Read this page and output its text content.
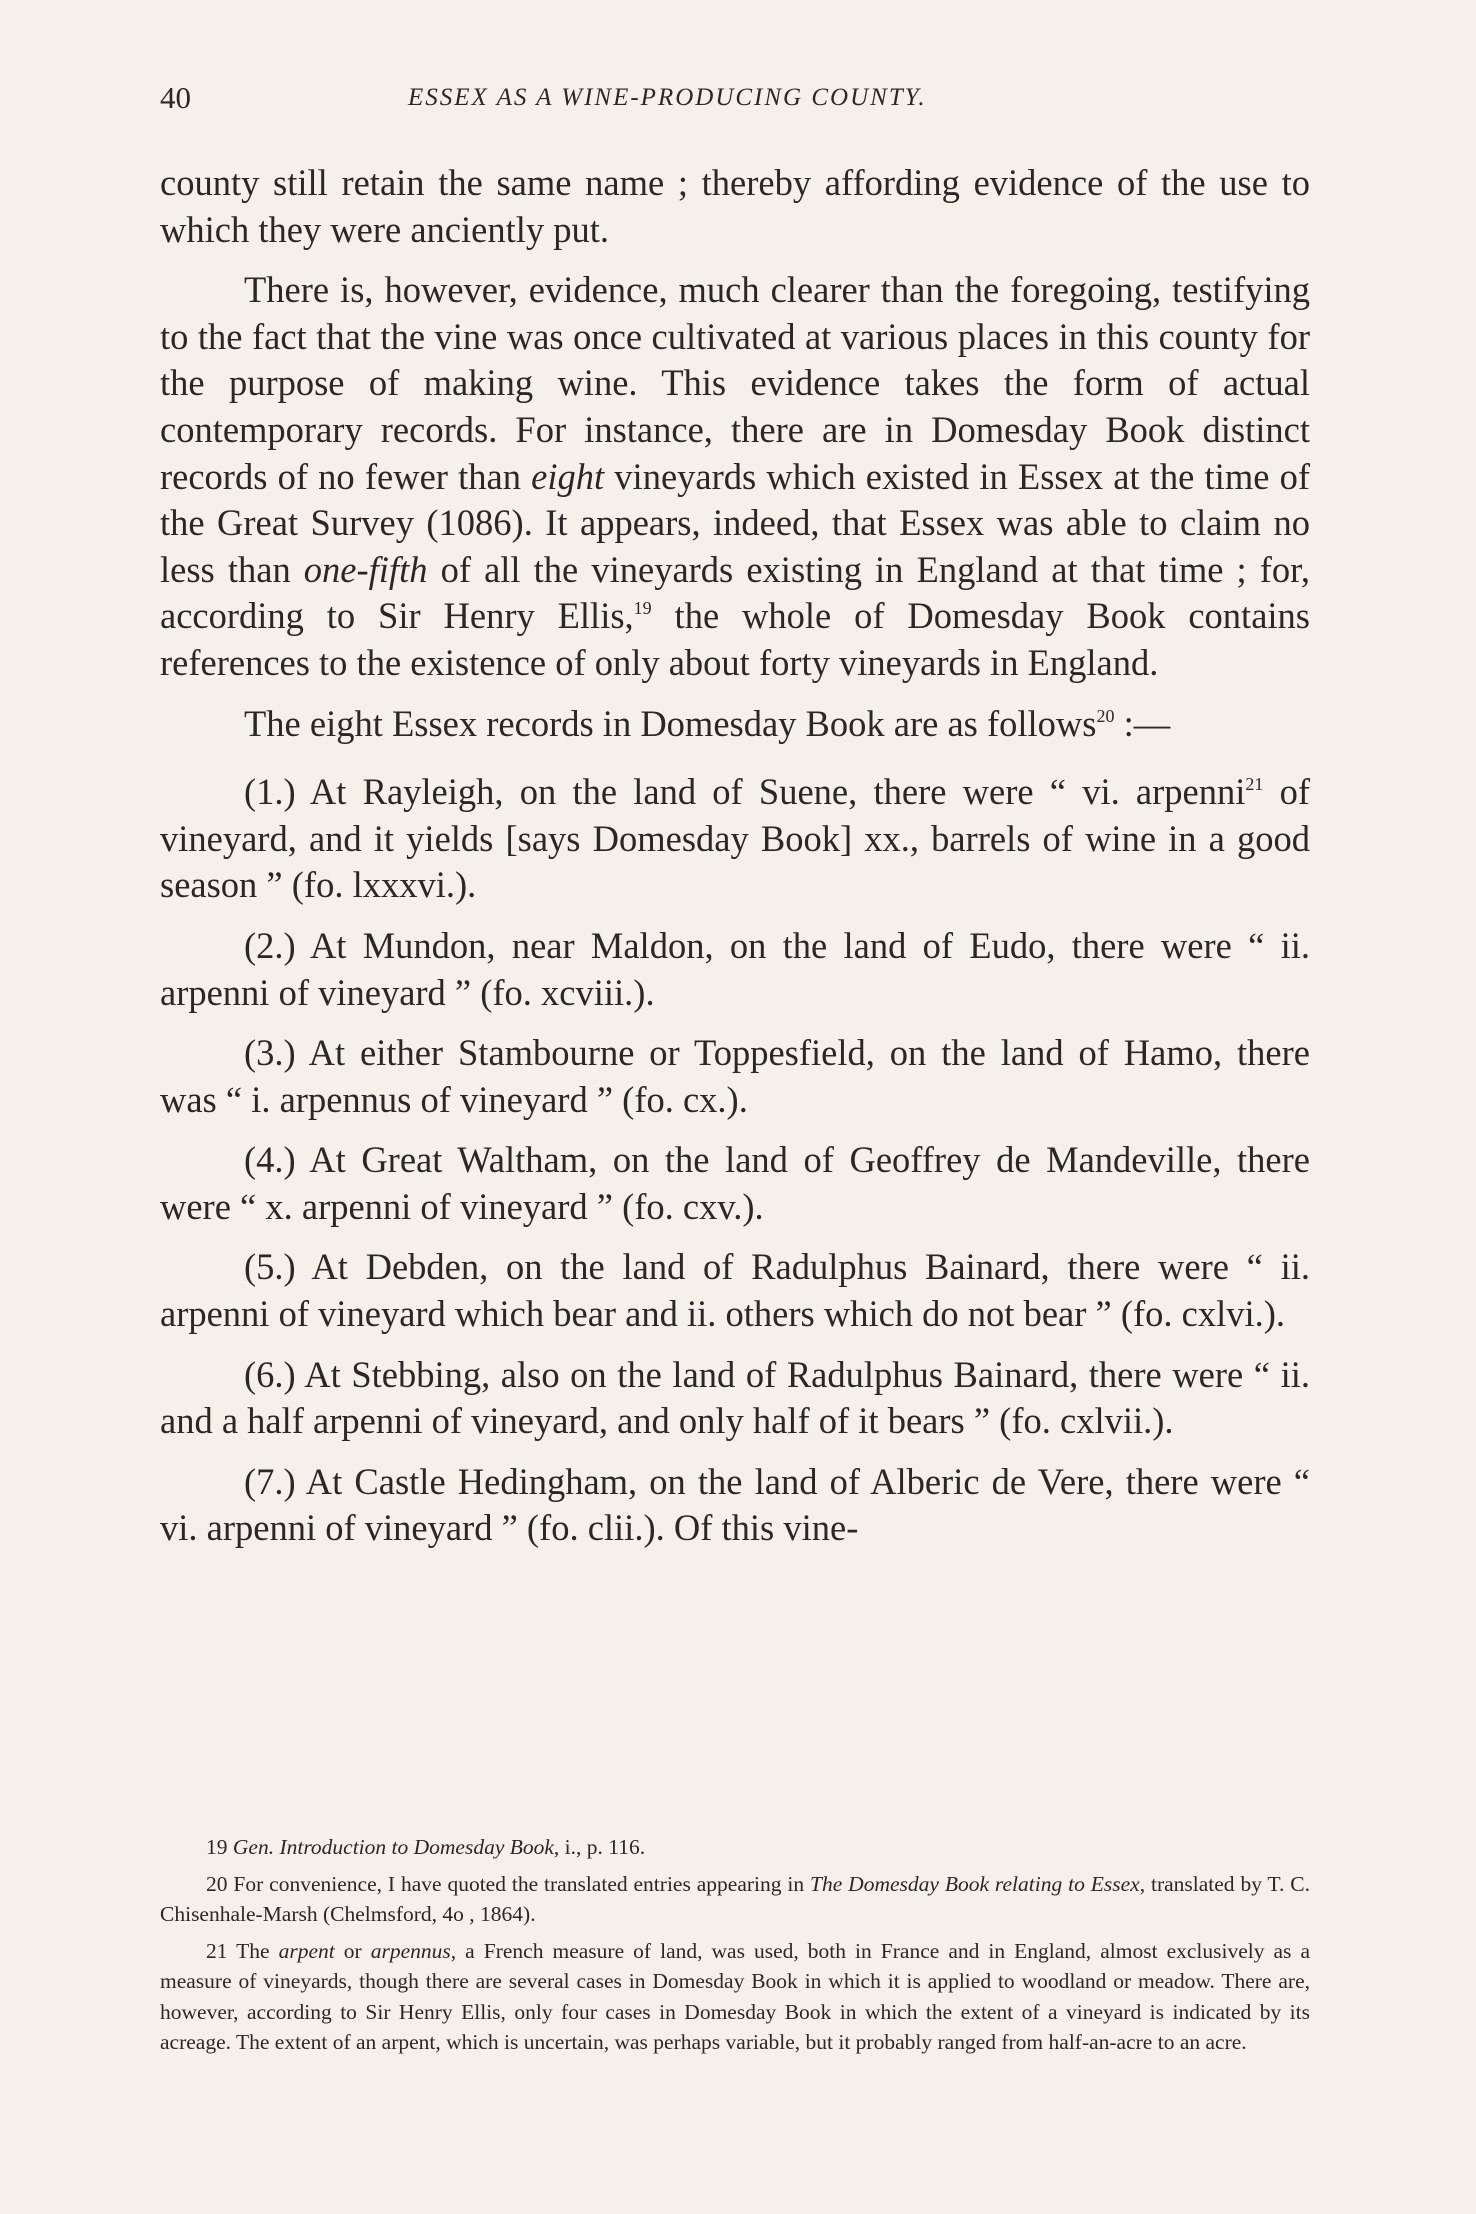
40	ESSEX AS A WINE-PRODUCING COUNTY.

county still retain the same name ; thereby affording evidence of the use to which they were anciently put.

There is, however, evidence, much clearer than the foregoing, testifying to the fact that the vine was once cultivated at various places in this county for the purpose of making wine. This evidence takes the form of actual contemporary records. For instance, there are in Domesday Book distinct records of no fewer than eight vineyards which existed in Essex at the time of the Great Survey (1086). It appears, indeed, that Essex was able to claim no less than one-fifth of all the vineyards existing in England at that time ; for, according to Sir Henry Ellis,$^{19}$ the whole of Domesday Book contains references to the existence of only about forty vineyards in England.

The eight Essex records in Domesday Book are as follows$^{20}$ :—

(1.) At Rayleigh, on the land of Suene, there were “ vi. arpenni$^{21}$ of vineyard, and it yields [says Domesday Book] xx., barrels of wine in a good season ” (fo. lxxxvi.).

(2.) At Mundon, near Maldon, on the land of Eudo, there were “ ii. arpenni of vineyard ” (fo. xcviii.).

(3.) At either Stambourne or Toppesfield, on the land of Hamo, there was “ i. arpennus of vineyard ” (fo. cx.).

(4.) At Great Waltham, on the land of Geoffrey de Mandeville, there were “ x. arpenni of vineyard ” (fo. cxv.).

(5.) At Debden, on the land of Radulphus Bainard, there were “ ii. arpenni of vineyard which bear and ii. others which do not bear ” (fo. cxlvi.).

(6.) At Stebbing, also on the land of Radulphus Bainard, there were “ ii. and a half arpenni of vineyard, and only half of it bears ” (fo. cxlvii.).

(7.) At Castle Hedingham, on the land of Alberic de Vere, there were “ vi. arpenni of vineyard ” (fo. clii.). Of this vine-

19 Gen. Introduction to Domesday Book, i., p. 116.

20 For convenience, I have quoted the translated entries appearing in The Domesday Book relating to Essex, translated by T. C. Chisenhale-Marsh (Chelmsford, 4o , 1864).

21 The arpent or arpennus, a French measure of land, was used, both in France and in England, almost exclusively as a measure of vineyards, though there are several cases in Domesday Book in which it is applied to woodland or meadow. There are, however, according to Sir Henry Ellis, only four cases in Domesday Book in which the extent of a vineyard is indicated by its acreage. The extent of an arpent, which is uncertain, was perhaps variable, but it probably ranged from half-an-acre to an acre.
